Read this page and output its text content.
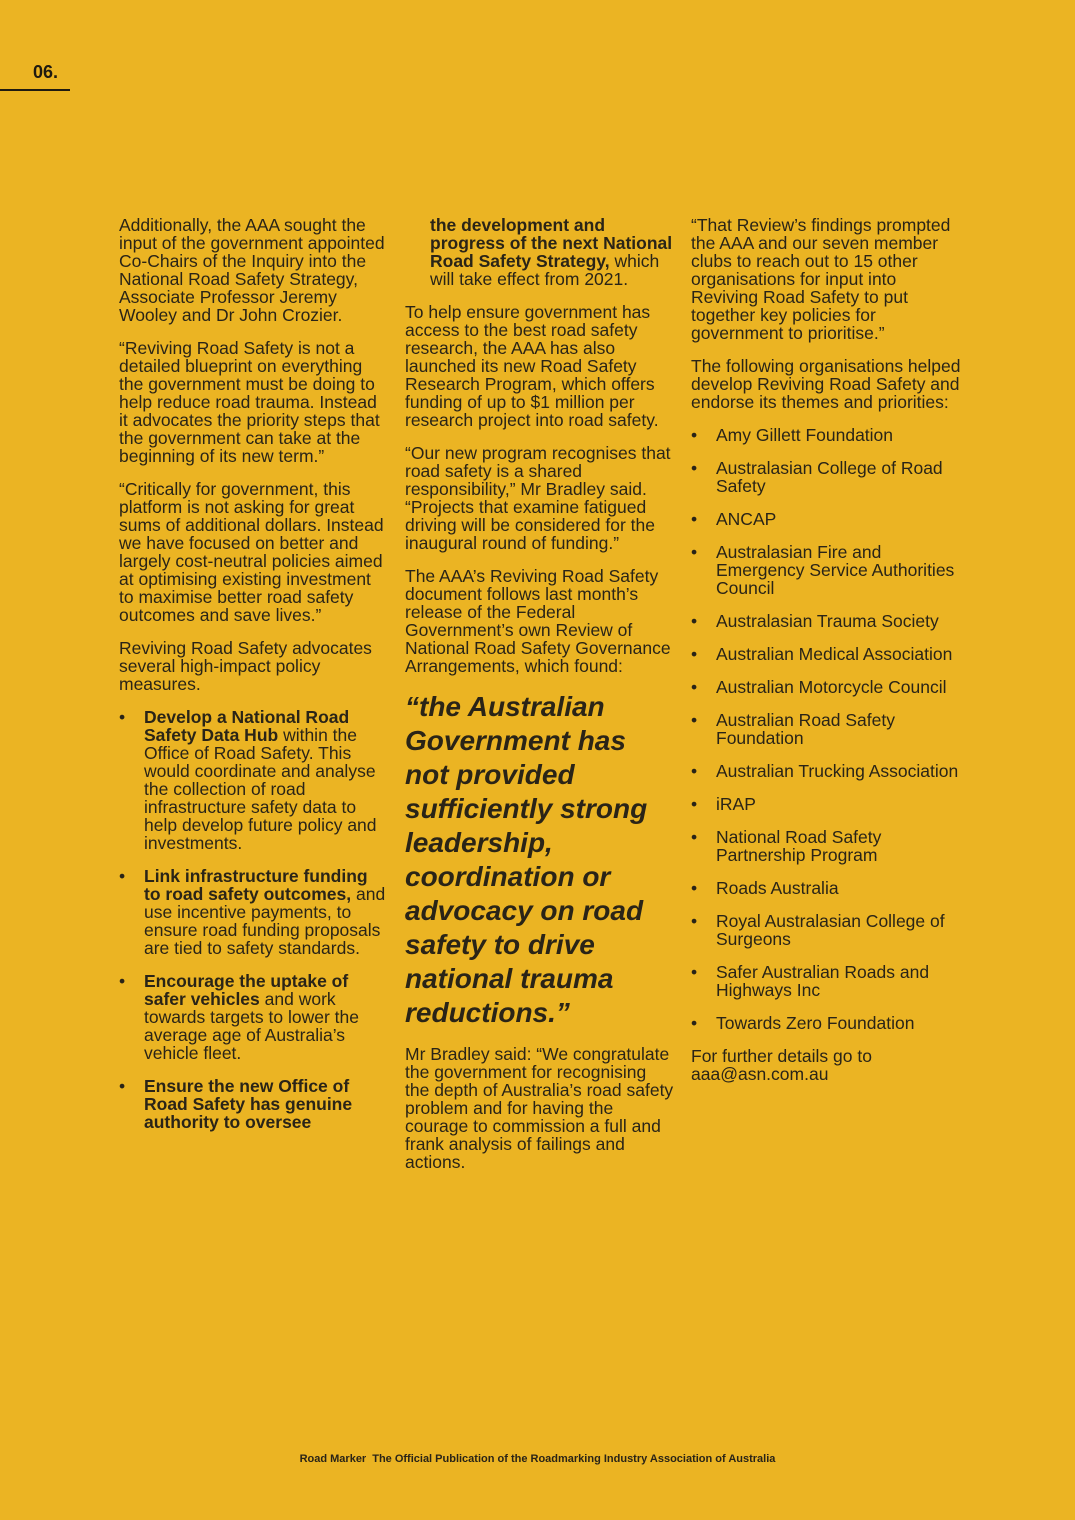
06.

Additionally, the AAA sought the input of the government appointed Co-Chairs of the Inquiry into the National Road Safety Strategy, Associate Professor Jeremy Wooley and Dr John Crozier.

“Reviving Road Safety is not a detailed blueprint on everything the government must be doing to help reduce road trauma. Instead it advocates the priority steps that the government can take at the beginning of its new term.”

“Critically for government, this platform is not asking for great sums of additional dollars. Instead we have focused on better and largely cost-neutral policies aimed at optimising existing investment to maximise better road safety outcomes and save lives.”

Reviving Road Safety advocates several high-impact policy measures.

• Develop a National Road Safety Data Hub within the Office of Road Safety. This would coordinate and analyse the collection of road infrastructure safety data to help develop future policy and investments.
• Link infrastructure funding to road safety outcomes, and use incentive payments, to ensure road funding proposals are tied to safety standards.
• Encourage the uptake of safer vehicles and work towards targets to lower the average age of Australia’s vehicle fleet.
• Ensure the new Office of Road Safety has genuine authority to oversee

the development and progress of the next National Road Safety Strategy, which will take effect from 2021.

To help ensure government has access to the best road safety research, the AAA has also launched its new Road Safety Research Program, which offers funding of up to $1 million per research project into road safety.

“Our new program recognises that road safety is a shared responsibility,” Mr Bradley said. “Projects that examine fatigued driving will be considered for the inaugural round of funding.”

The AAA’s Reviving Road Safety document follows last month’s release of the Federal Government’s own Review of National Road Safety Governance Arrangements, which found:

“the Australian Government has not provided sufficiently strong leadership, coordination or advocacy on road safety to drive national trauma reductions.”

Mr Bradley said: “We congratulate the government for recognising the depth of Australia’s road safety problem and for having the courage to commission a full and frank analysis of failings and actions.

“That Review’s findings prompted the AAA and our seven member clubs to reach out to 15 other organisations for input into Reviving Road Safety to put together key policies for government to prioritise.”

The following organisations helped develop Reviving Road Safety and endorse its themes and priorities:

• Amy Gillett Foundation
• Australasian College of Road Safety
• ANCAP
• Australasian Fire and Emergency Service Authorities Council
• Australasian Trauma Society
• Australian Medical Association
• Australian Motorcycle Council
• Australian Road Safety Foundation
• Australian Trucking Association
• iRAP
• National Road Safety Partnership Program
• Roads Australia
• Royal Australasian College of Surgeons
• Safer Australian Roads and Highways Inc
• Towards Zero Foundation

For further details go to aaa@asn.com.au

Road Marker The Official Publication of the Roadmarking Industry Association of Australia
